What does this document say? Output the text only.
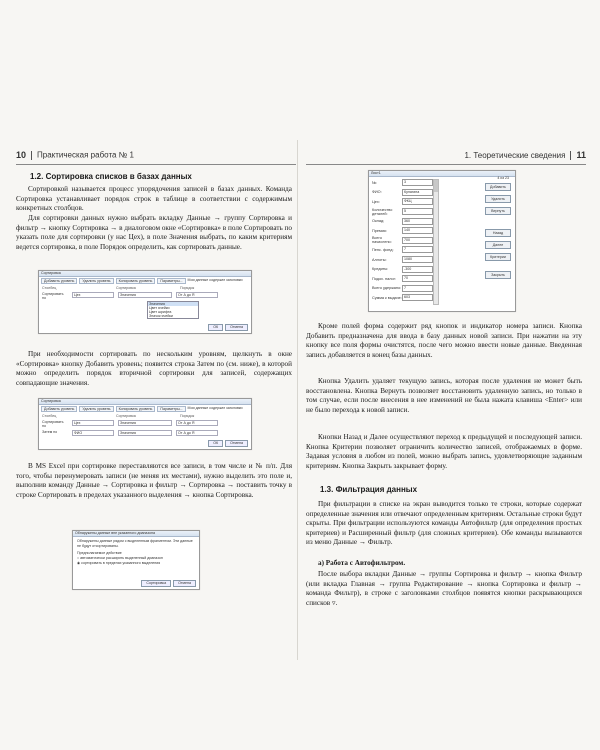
10 Практическая работа № 1
1.2. Сортировка списков в базах данных

Сортировкой называется процесс упорядочения записей в базах данных. Команда Сортировка устанавливает порядок строк в таблице в соответствии с содержимым конкретных столбцов.

Для сортировки данных нужно выбрать вкладку Данные → группу Сортировка и фильтр → кнопку Сортировка → в диалоговом окне «Сортировка» в поле Сортировать по указать поле для сортировки (у нас Цех), в поле Значения выбрать, по каким критериям ведется сортировка, в поле Порядок определить, как сортировать данные.

Сортировка
Добавить уровень	Удалить уровень	Копировать уровень	Параметры...	Мои данные содержат заголовки
Столбец	Сортировка	Порядок
Сортировать по
Цех	Значения	От А до Я
Значения
Цвет ячейки
Цвет шрифта
Значок ячейки
ОК	Отмена

При необходимости сортировать по нескольким уровням, щелкнуть в окне «Сортировка» кнопку Добавить уровень; появится строка Затем по (см. ниже), в которой можно определить порядок вторичной сортировки для записей, содержащих совпадающие значения.

Сортировка
Добавить уровень	Удалить уровень	Копировать уровень	Параметры...	Мои данные содержат заголовки
Столбец	Сортировка	Порядок
Сортировать по
Цех	Значения	От А до Я
Затем по	ФИО	Значения	От А до Я
ОК	Отмена

В MS Excel при сортировке переставляются все записи, в том числе и № п/п. Для того, чтобы перенумеровать записи (не меняя их местами), нужно выделить это поле и, выполнив команду Данные → Сортировка и фильтр → Сортировка → поставить точку в строке Сортировать в пределах указанного выделения → кнопка Сортировка.

Обнаружены данные вне указанного диапазона
Обнаружены данные рядом с выделенным фрагментом. Эти данные не будут отсортированы.
Предполагаемое действие
○ автоматически расширить выделенный диапазон
◉ сортировать в пределах указанного выделения
Сортировка	Отмена
1. Теоретические сведения 11
Лист1
4 из 23
№:	3
ФИО:	Кулагина
Цех:	ФКЦ
Количество деталей:
5
Оклад:	360
Премия:	140
Всего начислено:
700
Пенс. фонд:	7
Аллоты:	1080
Кредиты:	-300
Подох. налог:	70
Всего удержано: 7
Сумма к выдаче: 603
Добавить
Удалить
Вернуть
Назад
Далее
Критерии
Закрыть

Кроме полей форма содержит ряд кнопок и индикатор номера записи. Кнопка Добавить предназначена для ввода в базу данных новой записи. При нажатии на эту кнопку все поля формы очистятся, после чего можно ввести новые данные. Введенная запись добавляется в конец базы данных.

Кнопка Удалить удаляет текущую запись, которая после удаления не может быть восстановлена. Кнопка Вернуть позволяет восстановить удаленную запись, но только в том случае, если после внесения в нее изменений не была нажата клавиша <Enter> или не было перехода к новой записи.

Кнопки Назад и Далее осуществляют переход к предыдущей и последующей записи. Кнопка Критерии позволяет ограничить количество записей, отображаемых в форме. Задавая условия в любом из полей, можно выбрать запись, удовлетворяющие заданным критериям. Кнопка Закрыть закрывает форму.

1.3. Фильтрация данных

При фильтрации в списке на экран выводится только те строки, которые содержат определенные значения или отвечают определенным критериям. Остальные строки будут скрыты. При фильтрации используются команды Автофильтр (для определения простых критериев) и Расширенный фильтр (для сложных критериев). Обе команды вызываются из меню Данные → Фильтр.

а) Работа с Автофильтром.

После выбора вкладки Данные → группы Сортировка и фильтр → кнопка Фильтр (или вкладка Главная → группа Редактирование → кнопка Сортировка и фильтр → команда Фильтр), в строке с заголовками столбцов появятся кнопки раскрывающихся списков ▿.
